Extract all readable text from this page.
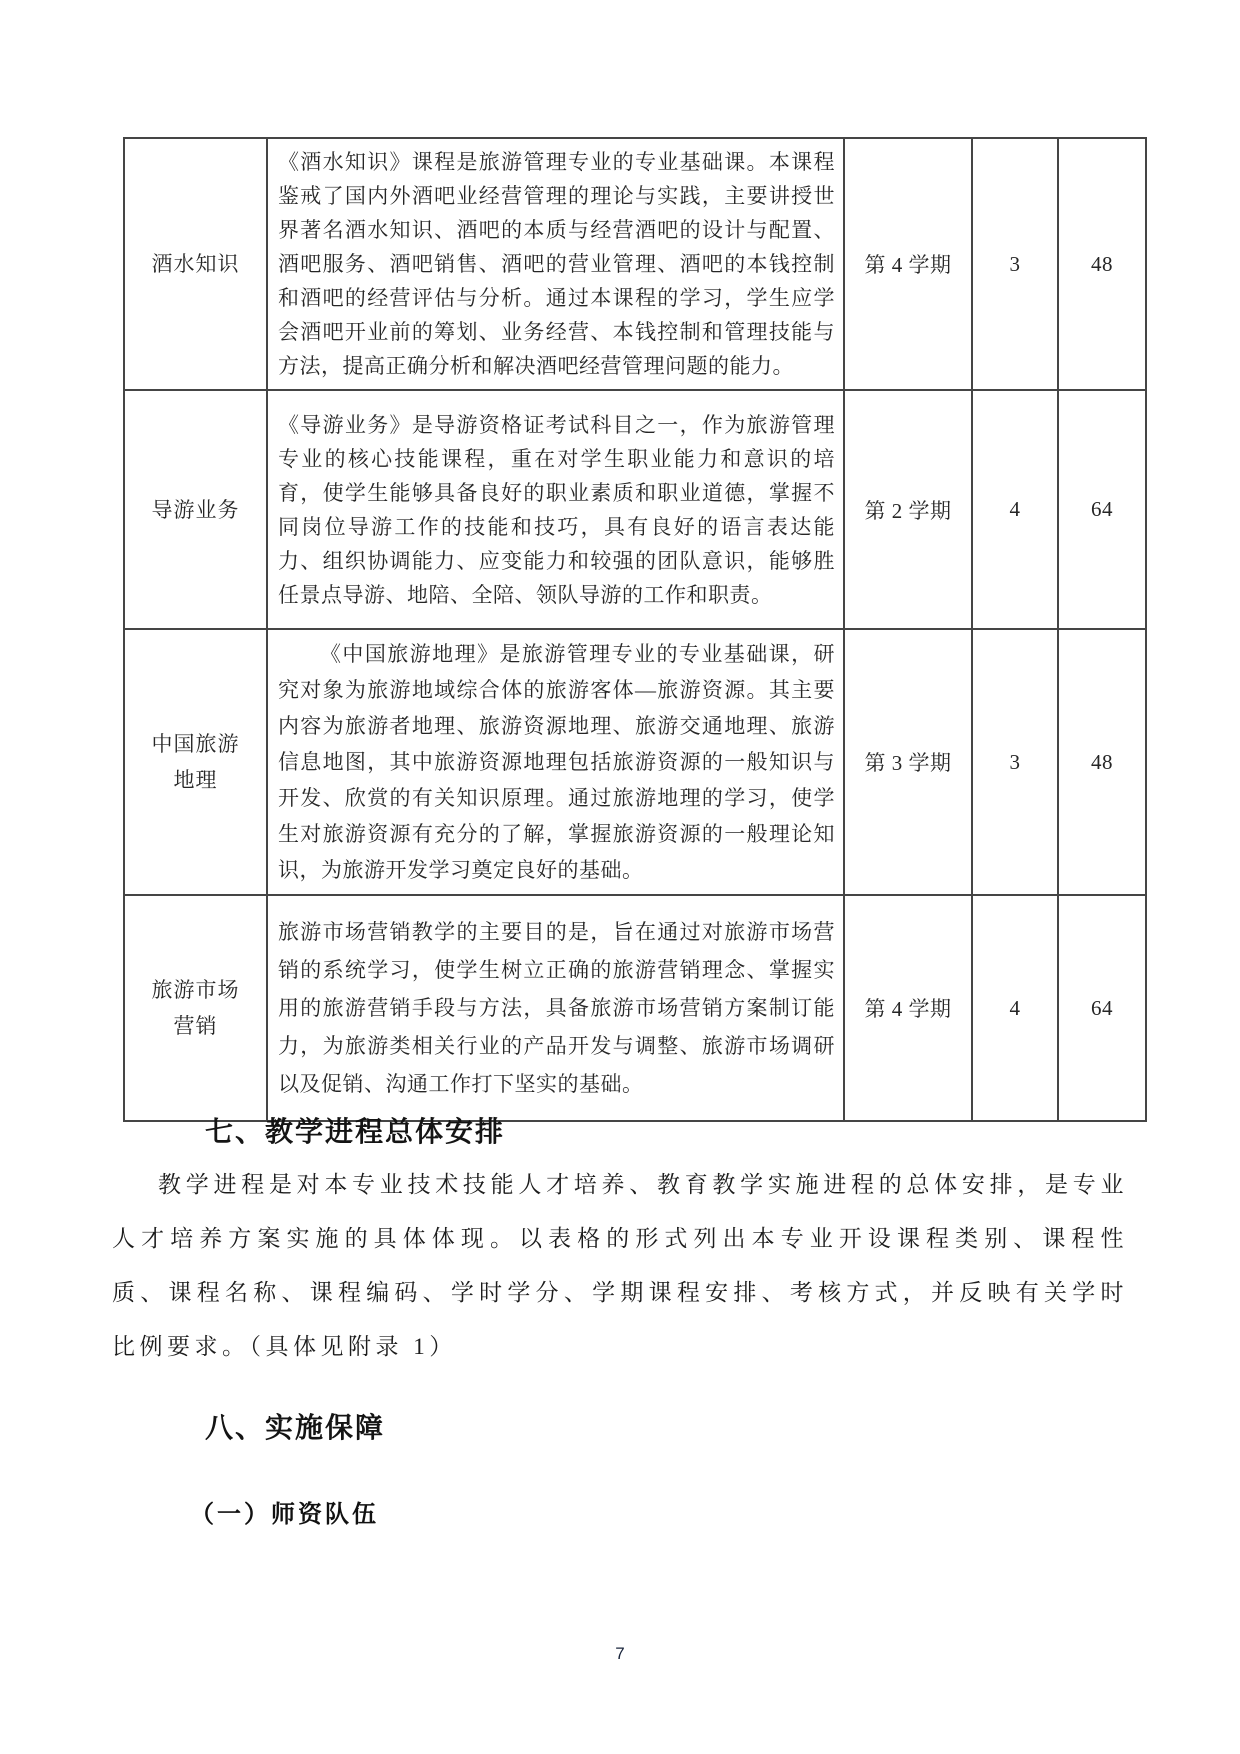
酒水知识	《酒水知识》课程是旅游管理专业的专业基础课。本课程鉴戒了国内外酒吧业经营管理的理论与实践，主要讲授世界著名酒水知识、酒吧的本质与经营酒吧的设计与配置、酒吧服务、酒吧销售、酒吧的营业管理、酒吧的本钱控制和酒吧的经营评估与分析。通过本课程的学习，学生应学会酒吧开业前的筹划、业务经营、本钱控制和管理技能与方法，提高正确分析和解决酒吧经营管理问题的能力。	第 4 学期	3	48
导游业务	《导游业务》是导游资格证考试科目之一，作为旅游管理专业的核心技能课程，重在对学生职业能力和意识的培育，使学生能够具备良好的职业素质和职业道德，掌握不同岗位导游工作的技能和技巧，具有良好的语言表达能力、组织协调能力、应变能力和较强的团队意识，能够胜任景点导游、地陪、全陪、领队导游的工作和职责。	第 2 学期	4	64
中国旅游地理	《中国旅游地理》是旅游管理专业的专业基础课，研究对象为旅游地域综合体的旅游客体—旅游资源。其主要内容为旅游者地理、旅游资源地理、旅游交通地理、旅游信息地图，其中旅游资源地理包括旅游资源的一般知识与开发、欣赏的有关知识原理。通过旅游地理的学习，使学生对旅游资源有充分的了解，掌握旅游资源的一般理论知识，为旅游开发学习奠定良好的基础。	第 3 学期	3	48
旅游市场营销	旅游市场营销教学的主要目的是，旨在通过对旅游市场营销的系统学习，使学生树立正确的旅游营销理念、掌握实用的旅游营销手段与方法，具备旅游市场营销方案制订能力，为旅游类相关行业的产品开发与调整、旅游市场调研以及促销、沟通工作打下坚实的基础。	第 4 学期	4	64
七、教学进程总体安排

教学进程是对本专业技术技能人才培养、教育教学实施进程的总体安排，是专业人才培养方案实施的具体体现。以表格的形式列出本专业开设课程类别、课程性质、课程名称、课程编码、学时学分、学期课程安排、考核方式，并反映有关学时比例要求。（具体见附录 1）

八、实施保障
（一）师资队伍
7
